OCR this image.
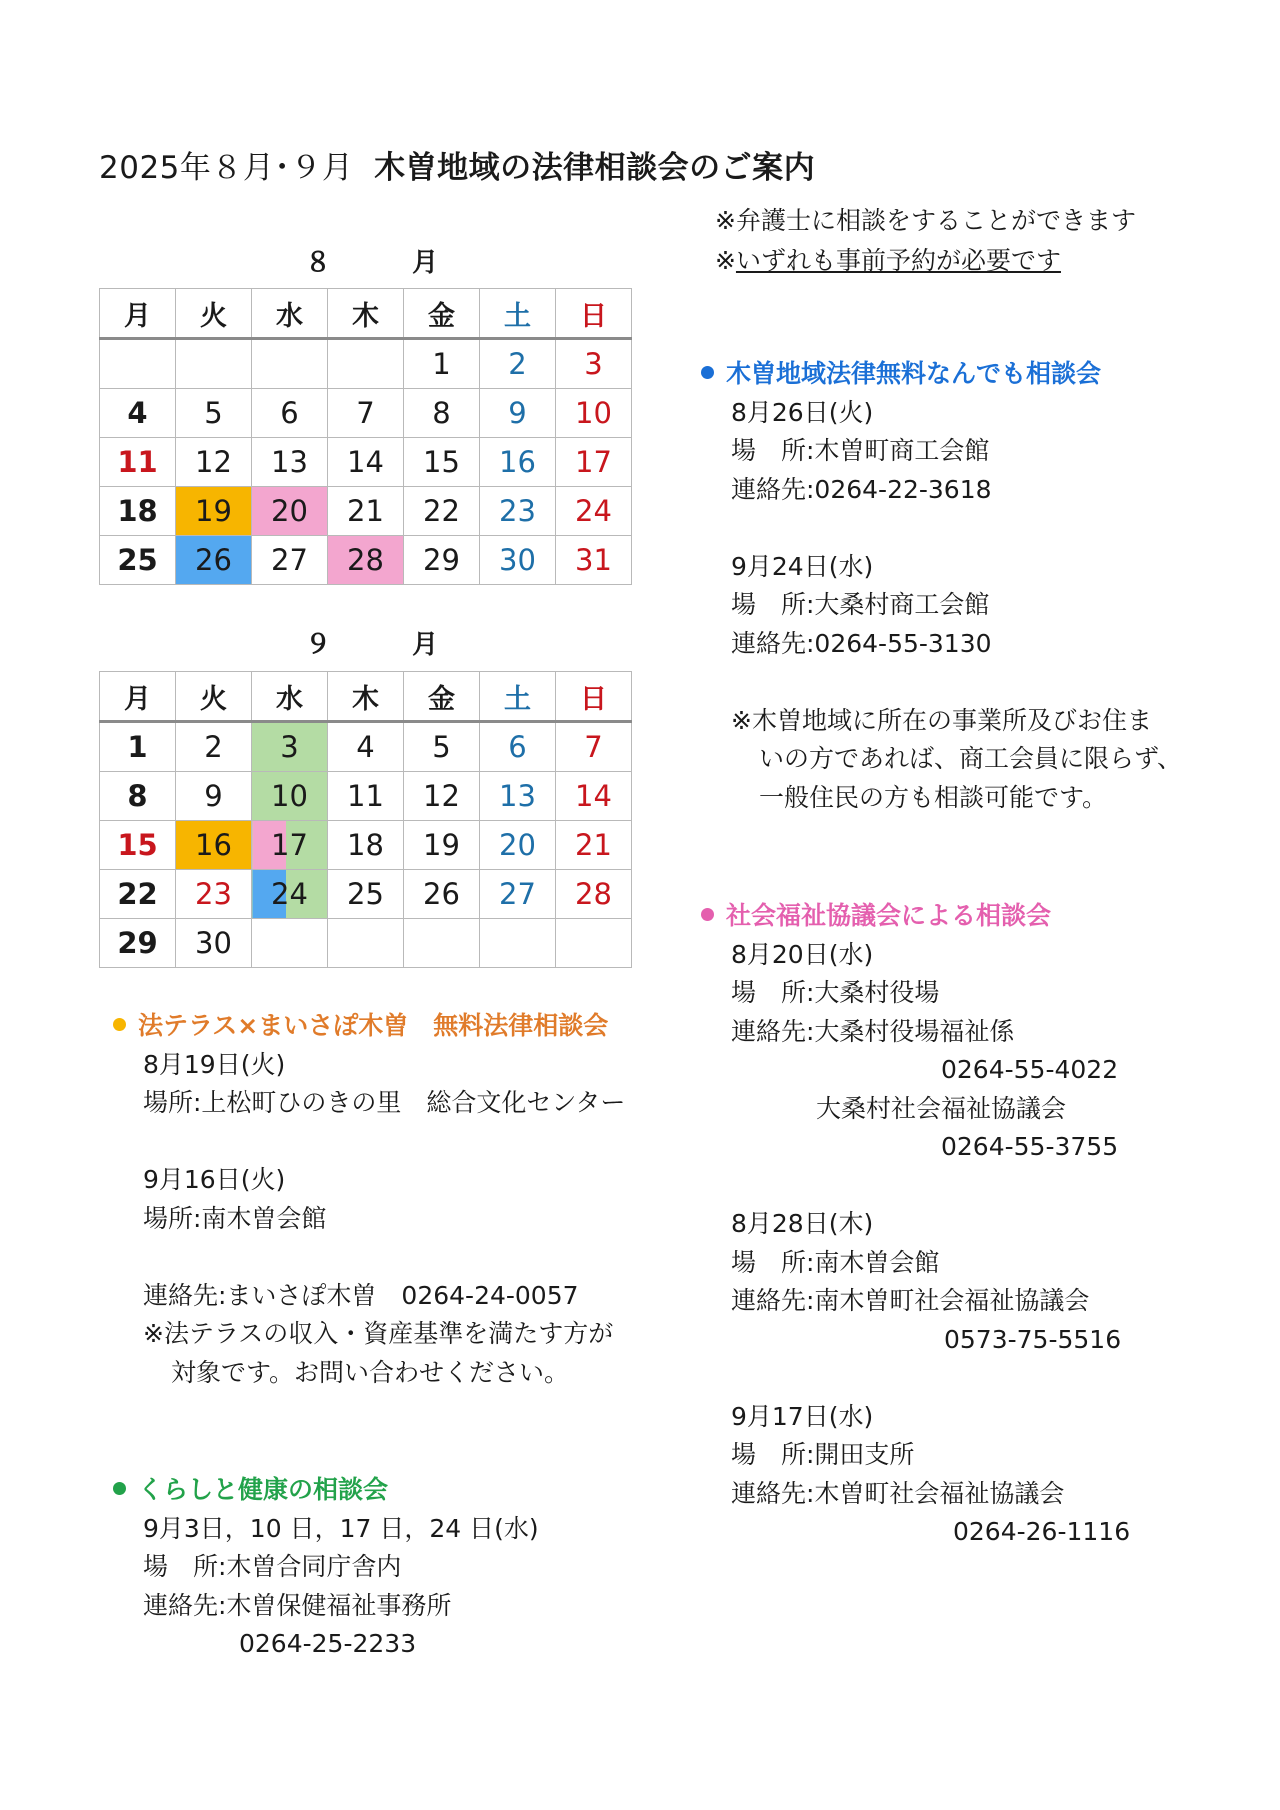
2025年８月･９月 木曽地域の法律相談会のご案内
※弁護士に相談をすることができます
※いずれも事前予約が必要です
８	月
月	火	水	木	金	土	日
				1	2	3
4	5	6	7	8	9	10
11	12	13	14	15	16	17
18	19	20	21	22	23	24
25	26	27	28	29	30	31
９	月
月	火	水	木	金	土	日
1	2	3	4	5	6	7
8	9	10	11	12	13	14
15	16	17	18	19	20	21
22	23	24	25	26	27	28
29	30					
法テラス×まいさぽ木曽　無料法律相談会
8月19日(火)
場所:上松町ひのきの里　総合文化センター

9月16日(火)
場所:南木曽会館

連絡先:まいさぽ木曽　0264-24-0057
※法テラスの収入・資産基準を満たす方が
対象です。お問い合わせください。
くらしと健康の相談会
9月3日，10 日，17 日，24 日(水)
場　所:木曽合同庁舎内
連絡先:木曽保健福祉事務所
0264-25-2233
木曽地域法律無料なんでも相談会
8月26日(火)
場　所:木曽町商工会館
連絡先:0264-22-3618

9月24日(水)
場　所:大桑村商工会館
連絡先:0264-55-3130

※木曽地域に所在の事業所及びお住ま
いの方であれば、商工会員に限らず、
一般住民の方も相談可能です。
社会福祉協議会による相談会
8月20日(水)
場　所:大桑村役場
連絡先:大桑村役場福祉係
0264-55-4022
大桑村社会福祉協議会
0264-55-3755

8月28日(木)
場　所:南木曽会館
連絡先:南木曽町社会福祉協議会
0573-75-5516

9月17日(水)
場　所:開田支所
連絡先:木曽町社会福祉協議会
0264-26-1116
